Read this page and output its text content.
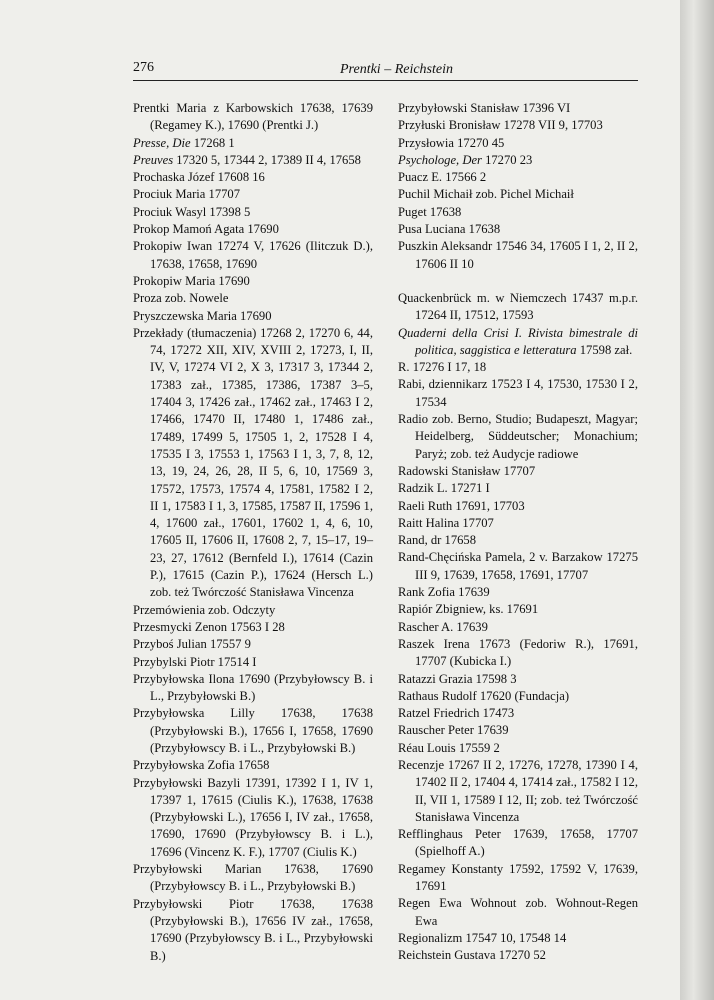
276	Prentki – Reichstein
Prentki Maria z Karbowskich 17638, 17639 (Regamey K.), 17690 (Prentki J.)
Presse, Die 17268 1
Preuves 17320 5, 17344 2, 17389 II 4, 17658
Prochaska Józef 17608 16
Prociuk Maria 17707
Prociuk Wasyl 17398 5
Prokop Mamoń Agata 17690
Prokopiw Iwan 17274 V, 17626 (Ilitczuk D.), 17638, 17658, 17690
Prokopiw Maria 17690
Proza zob. Nowele
Pryszczewska Maria 17690
Przekłady (tłumaczenia) 17268 2, 17270 6, 44, 74, 17272 XII, XIV, XVIII 2, 17273, I, II, IV, V, 17274 VI 2, X 3, 17317 3, 17344 2, 17383 zał., 17385, 17386, 17387 3–5, 17404 3, 17426 zał., 17462 zał., 17463 I 2, 17466, 17470 II, 17480 1, 17486 zał., 17489, 17499 5, 17505 1, 2, 17528 I 4, 17535 I 3, 17553 1, 17563 I 1, 3, 7, 8, 12, 13, 19, 24, 26, 28, II 5, 6, 10, 17569 3, 17572, 17573, 17574 4, 17581, 17582 I 2, II 1, 17583 I 1, 3, 17585, 17587 II, 17596 1, 4, 17600 zał., 17601, 17602 1, 4, 6, 10, 17605 II, 17606 II, 17608 2, 7, 15–17, 19–23, 27, 17612 (Bernfeld I.), 17614 (Cazin P.), 17615 (Cazin P.), 17624 (Hersch L.) zob. też Twórczość Stanisława Vincenza
Przemówienia zob. Odczyty
Przesmycki Zenon 17563 I 28
Przyboś Julian 17557 9
Przybylski Piotr 17514 I
Przybyłowska Ilona 17690 (Przybyłowscy B. i L., Przybyłowski B.)
Przybyłowska Lilly 17638, 17638 (Przybyłowski B.), 17656 I, 17658, 17690 (Przybyłowscy B. i L., Przybyłowski B.)
Przybyłowska Zofia 17658
Przybyłowski Bazyli 17391, 17392 I 1, IV 1, 17397 1, 17615 (Ciulis K.), 17638, 17638 (Przybyłowski L.), 17656 I, IV zał., 17658, 17690, 17690 (Przybyłowscy B. i L.), 17696 (Vincenz K. F.), 17707 (Ciulis K.)
Przybyłowski Marian 17638, 17690 (Przybyłowscy B. i L., Przybyłowski B.)
Przybyłowski Piotr 17638, 17638 (Przybyłowski B.), 17656 IV zał., 17658, 17690 (Przybyłowscy B. i L., Przybyłowski B.)
Przybyłowski Stanisław 17396 VI
Przyłuski Bronisław 17278 VII 9, 17703
Przysłowia 17270 45
Psychologe, Der 17270 23
Puacz E. 17566 2
Puchil Michaił zob. Pichel Michaił
Puget 17638
Pusa Luciana 17638
Puszkin Aleksandr 17546 34, 17605 I 1, 2, II 2, 17606 II 10
Quackenbrück m. w Niemczech 17437 m.p.r. 17264 II, 17512, 17593
Quaderni della Crisi I. Rivista bimestrale di politica, saggistica e letteratura 17598 zał.
R. 17276 I 17, 18
Rabi, dziennikarz 17523 I 4, 17530, 17530 I 2, 17534
Radio zob. Berno, Studio; Budapeszt, Magyar; Heidelberg, Süddeutscher; Monachium; Paryż; zob. też Audycje radiowe
Radowski Stanisław 17707
Radzik L. 17271 I
Raeli Ruth 17691, 17703
Raitt Halina 17707
Rand, dr 17658
Rand-Chęcińska Pamela, 2 v. Barzakow 17275 III 9, 17639, 17658, 17691, 17707
Rank Zofia 17639
Rapiór Zbigniew, ks. 17691
Rascher A. 17639
Raszek Irena 17673 (Fedoriw R.), 17691, 17707 (Kubicka I.)
Ratazzi Grazia 17598 3
Rathaus Rudolf 17620 (Fundacja)
Ratzel Friedrich 17473
Rauscher Peter 17639
Réau Louis 17559 2
Recenzje 17267 II 2, 17276, 17278, 17390 I 4, 17402 II 2, 17404 4, 17414 zał., 17582 I 12, II, VII 1, 17589 I 12, II; zob. też Twórczość Stanisława Vincenza
Refflinghaus Peter 17639, 17658, 17707 (Spielhoff A.)
Regamey Konstanty 17592, 17592 V, 17639, 17691
Regen Ewa Wohnout zob. Wohnout-Regen Ewa
Regionalizm 17547 10, 17548 14
Reichstein Gustava 17270 52
